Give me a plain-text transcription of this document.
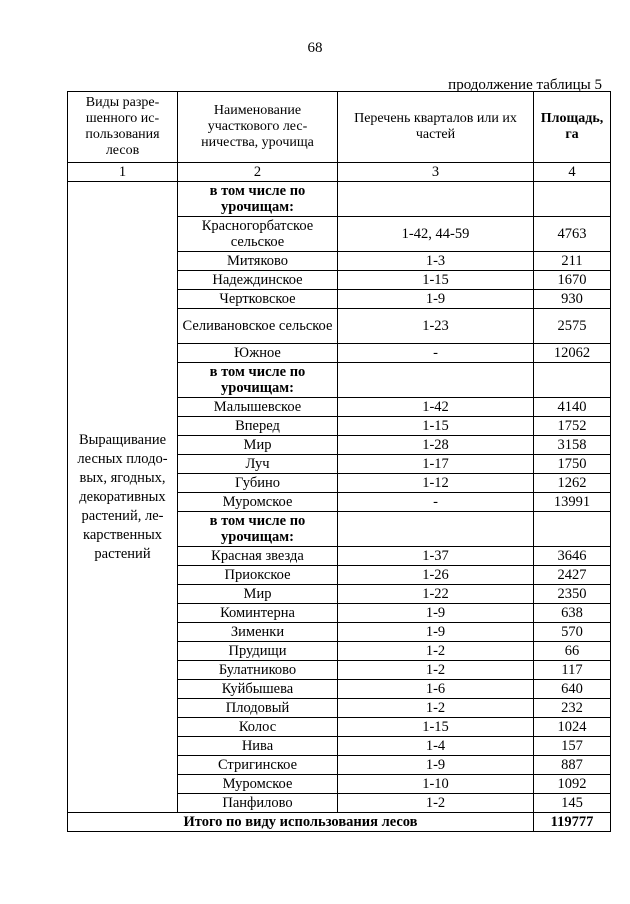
68
продолжение таблицы 5
Виды разре-шенного ис-пользования лесов	Наименование участкового лес-ничества, урочища	Перечень кварталов или их частей	Площадь, га
1	2	3	4
Выращивание лесных плодо-вых, ягодных, декоративных растений, ле-карственных растений	в том числе по урочищам:		
	Красногорбатское сельское	1-42, 44-59	4763
	Митяково	1-3	211
	Надеждинское	1-15	1670
	Чертковское	1-9	930
	Селивановское сельское	1-23	2575
	Южное	-	12062
	в том числе по урочищам:		
	Малышевское	1-42	4140
	Вперед	1-15	1752
	Мир	1-28	3158
	Луч	1-17	1750
	Губино	1-12	1262
	Муромское	-	13991
	в том числе по урочищам:		
	Красная звезда	1-37	3646
	Приокское	1-26	2427
	Мир	1-22	2350
	Коминтерна	1-9	638
	Зименки	1-9	570
	Прудищи	1-2	66
	Булатниково	1-2	117
	Куйбышева	1-6	640
	Плодовый	1-2	232
	Колос	1-15	1024
	Нива	1-4	157
	Стригинское	1-9	887
	Муромское	1-10	1092
	Панфилово	1-2	145
Итого по виду использования лесов			119777
